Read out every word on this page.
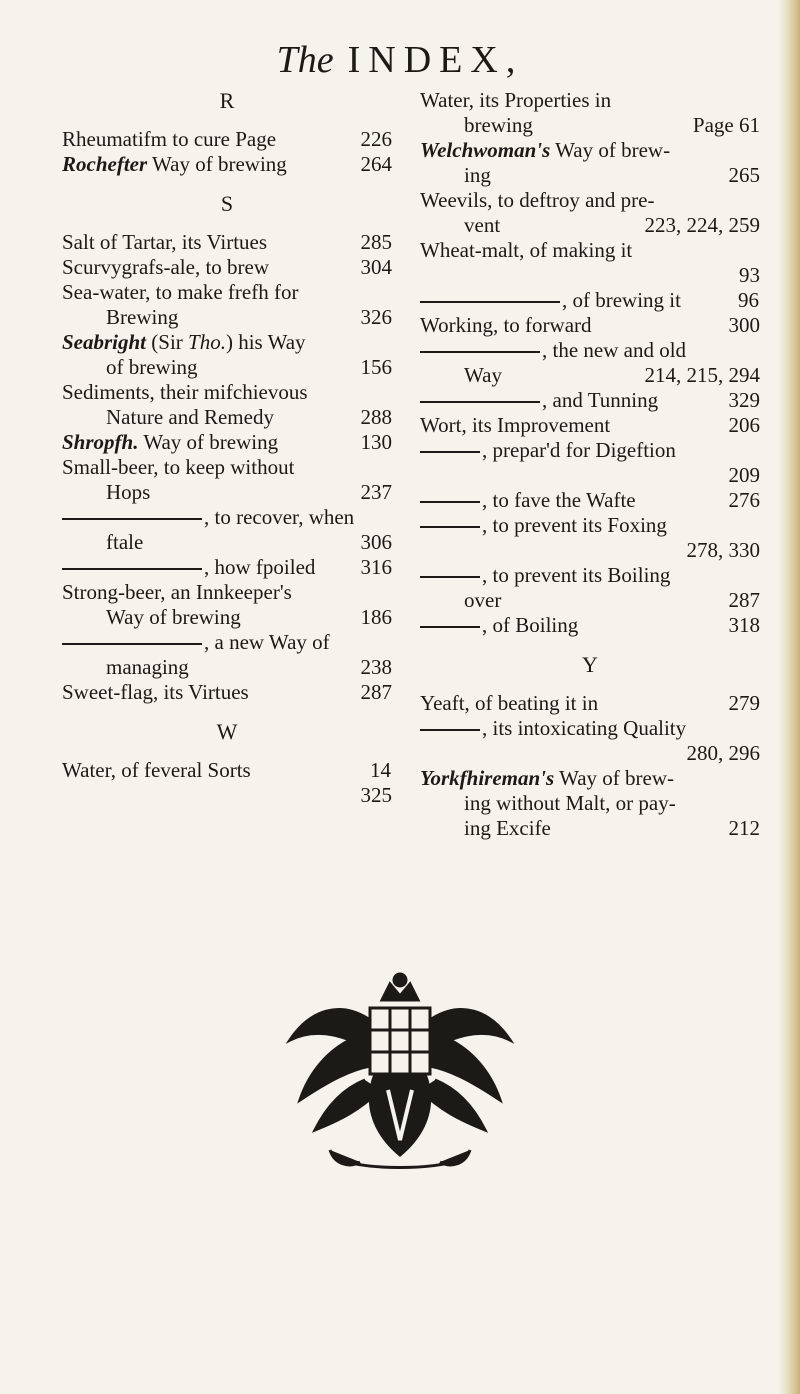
The INDEX,

R

Rheumatifm to cure Page	226

Rochefter Way of brewing	264

S

Salt of Tartar, its Virtues	285

Scurvygrafs-ale, to brew	304

Sea-water, to make frefh for
Brewing	326

Seabright (Sir Tho.) his Way
of brewing	156

Sediments, their mifchievous
Nature and Remedy	288

Shropfh. Way of brewing	130

Small-beer, to keep without
Hops	237

, to recover, when
ftale	306

, how fpoiled 316

Strong-beer, an Innkeeper's
Way of brewing	186

, a new Way of
managing	238

Sweet-flag, its Virtues	287

W

Water, of feveral Sorts	14
325

Water, its Properties in
brewing	Page 61

Welchwoman's Way of brew-
ing	265

Weevils, to deftroy and pre-
vent	223, 224, 259

Wheat-malt, of making it
93

, of brewing it	96

Working, to forward	300

, the new and old
Way	214, 215, 294

, and Tunning	329

Wort, its Improvement	206

, prepar'd for Digeftion
209

, to fave the Wafte	276

, to prevent its Foxing
278, 330

, to prevent its Boiling
over	287

, of Boiling	318

Y

Yeaft, of beating it in	279

, its intoxicating Quality
280, 296

Yorkfhireman's Way of brew-
ing without Malt, or pay-
ing Excife	212
